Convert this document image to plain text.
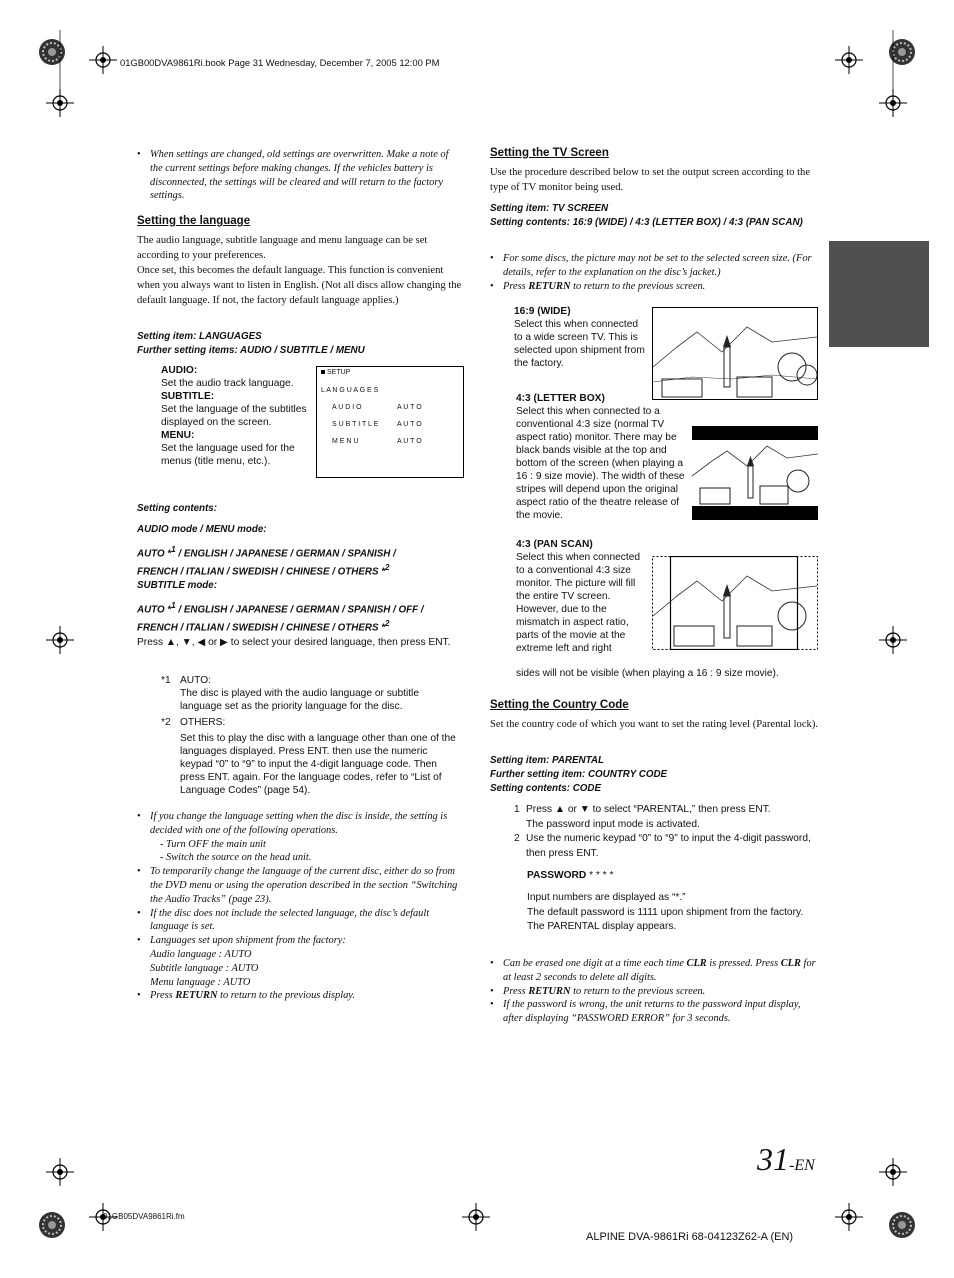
01GB00DVA9861Ri.book Page 31 Wednesday, December 7, 2005 12:00 PM
• When settings are changed, old settings are overwritten. Make a note of the current settings before making changes. If the vehicles battery is disconnected, the settings will be cleared and will return to the factory settings.
Setting the language
The audio language, subtitle language and menu language can be set according to your preferences.
Once set, this becomes the default language. This function is convenient when you always want to listen in English. (Not all discs allow changing the default language. If not, the factory default language applies.)
Setting item: LANGUAGES
Further setting items: AUDIO / SUBTITLE / MENU
AUDIO:
Set the audio track language.
SUBTITLE:
Set the language of the subtitles displayed on the screen.
MENU:
Set the language used for the menus (title menu, etc.).
SETUP
L A N G U A G E S
A U D I O	A U T O
S U B T I T L E	A U T O
M E N U	A U T O
Setting contents:
AUDIO mode / MENU mode:
AUTO *$^1$ / ENGLISH / JAPANESE / GERMAN / SPANISH /
FRENCH / ITALIAN / SWEDISH / CHINESE / OTHERS *$^2$
SUBTITLE mode:
AUTO *$^1$ / ENGLISH / JAPANESE / GERMAN / SPANISH / OFF /
FRENCH / ITALIAN / SWEDISH / CHINESE / OTHERS *$^2$
Press ▲, ▼, ◀ or ▶ to select your desired language, then press ENT.
*1 AUTO:
The disc is played with the audio language or subtitle language set as the priority language for the disc.
*2 OTHERS:
Set this to play the disc with a language other than one of the languages displayed. Press ENT. then use the numeric keypad “0” to “9” to input the 4-digit language code. Then press ENT. again. For the language codes, refer to “List of Language Codes” (page 54).
• If you change the language setting when the disc is inside, the setting is decided with one of the following operations.
- Turn OFF the main unit
- Switch the source on the head unit.
• To temporarily change the language of the current disc, either do so from the DVD menu or using the operation described in the section “Switching the Audio Tracks” (page 23).
• If the disc does not include the selected language, the disc’s default language is set.
• Languages set upon shipment from the factory:
Audio language : AUTO
Subtitle language : AUTO
Menu language : AUTO
• Press RETURN to return to the previous display.
Setting the TV Screen
Use the procedure described below to set the output screen according to the type of TV monitor being used.
Setting item: TV SCREEN
Setting contents: 16:9 (WIDE) / 4:3 (LETTER BOX) / 4:3 (PAN SCAN)
• For some discs, the picture may not be set to the selected screen size. (For details, refer to the explanation on the disc’s jacket.)
• Press RETURN to return to the previous screen.
16:9 (WIDE)
Select this when connected to a wide screen TV. This is selected upon shipment from the factory.
4:3 (LETTER BOX)
Select this when connected to a conventional 4:3 size (normal TV aspect ratio) monitor. There may be black bands visible at the top and bottom of the screen (when playing a 16 : 9 size movie). The width of these stripes will depend upon the original aspect ratio of the theatre release of the movie.
4:3 (PAN SCAN)
Select this when connected to a conventional 4:3 size monitor. The picture will fill the entire TV screen. However, due to the mismatch in aspect ratio, parts of the movie at the extreme left and right
sides will not be visible (when playing a 16 : 9 size movie).
Setting the Country Code
Set the country code of which you want to set the rating level (Parental lock).
Setting item: PARENTAL
Further setting item: COUNTRY CODE
Setting contents: CODE
1 Press ▲ or ▼ to select “PARENTAL,” then press ENT.
The password input mode is activated.
2 Use the numeric keypad “0” to “9” to input the 4-digit password, then press ENT.
PASSWORD * * * *
Input numbers are displayed as “*.”
The default password is 1111 upon shipment from the factory.
The PARENTAL display appears.
• Can be erased one digit at a time each time CLR is pressed. Press CLR for at least 2 seconds to delete all digits.
• Press RETURN to return to the previous screen.
• If the password is wrong, the unit returns to the password input display, after displaying “PASSWORD ERROR” for 3 seconds.
31-EN
01GB05DVA9861Ri.fm
ALPINE DVA-9861Ri 68-04123Z62-A (EN)
